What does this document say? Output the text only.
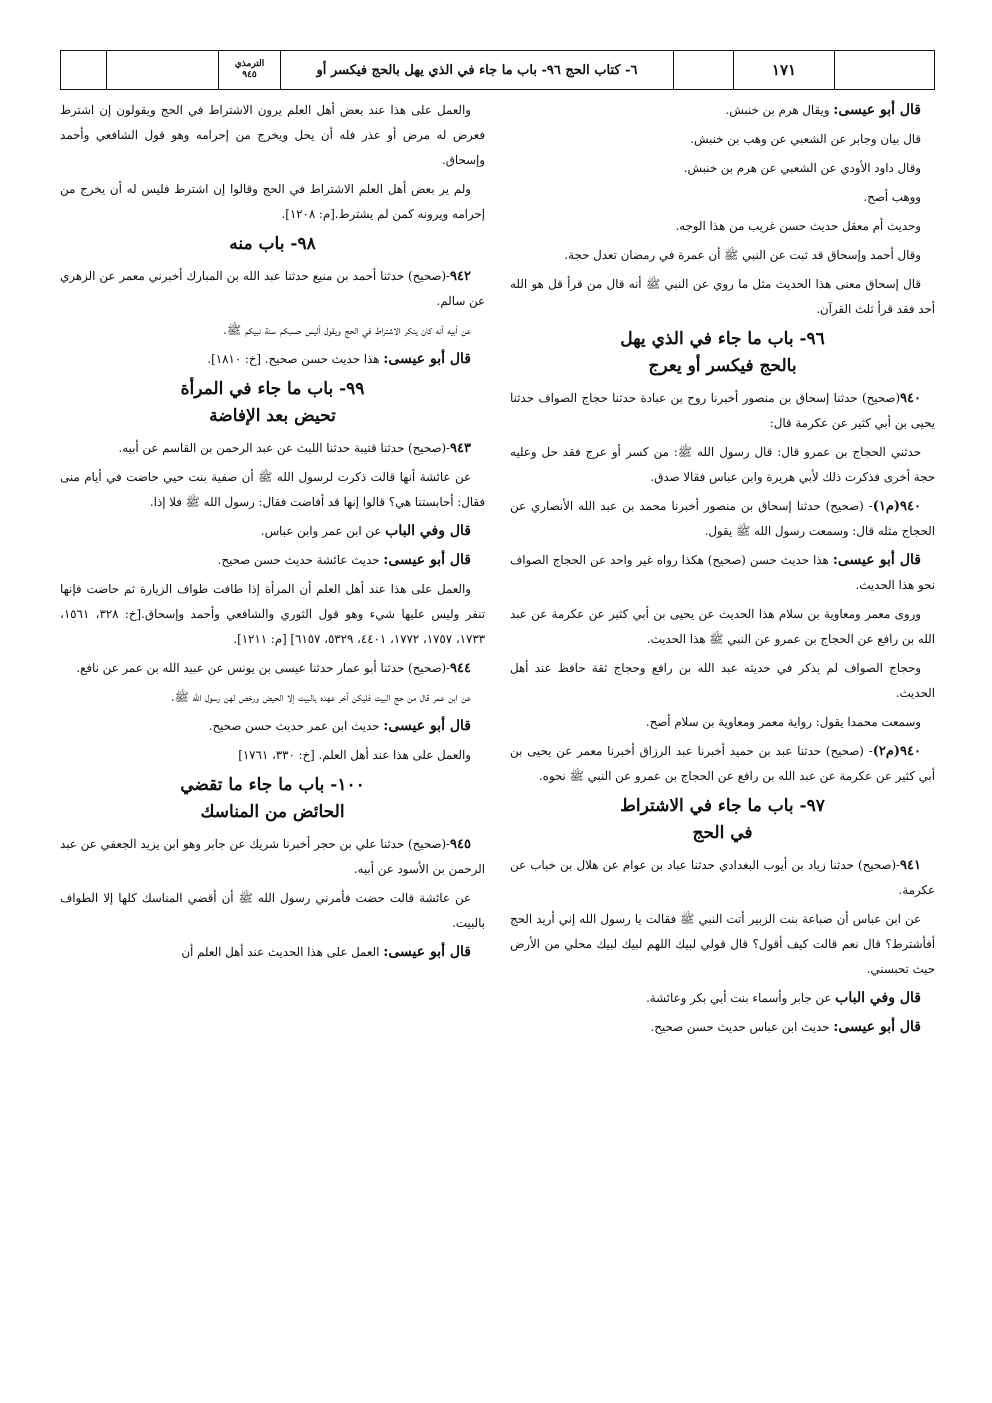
الترمذي
٩٤٥	٦- كتاب الحج ٩٦- باب ما جاء في الذي يهل بالحج فيكسر أو	١٧١

قال أبو عيسى: ويقال هرم بن خنبش.

قال بيان وجابر عن الشعبي عن وهب بن خنبش.

وقال داود الأودي عن الشعبي عن هرم بن خنبش.

ووهب أصح.

وحديث أم معقل حديث حسن غريب من هذا الوجه.

وقال أحمد وإسحاق قد ثبت عن النبي ﷺ أن عمرة في رمضان تعدل حجة.

قال إسحاق معنى هذا الحديث مثل ما روي عن النبي ﷺ أنه قال من قرأ قل هو الله أحد فقد قرأ ثلث القرآن.

٩٦- باب ما جاء في الذي يهل
بالحج فيكسر أو يعرج

٩٤٠(صحيح) حدثنا إسحاق بن منصور أخبرنا روح بن عبادة حدثنا حجاج الصواف حدثنا يحيى بن أبي كثير عن عكرمة قال:

حدثني الحجاج بن عمرو قال: قال رسول الله ﷺ: من كسر أو عرج فقد حل وعليه حجة أخرى فذكرت ذلك لأبي هريرة وابن عباس فقالا صدق.

٩٤٠(م١)- (صحيح) حدثنا إسحاق بن منصور أخبرنا محمد بن عبد الله الأنصاري عن الحجاج مثله قال: وسمعت رسول الله ﷺ يقول.

قال أبو عيسى: هذا حديث حسن (صحيح) هكذا رواه غير واحد عن الحجاج الصواف نحو هذا الحديث.

وروى معمر ومعاوية بن سلام هذا الحديث عن يحيى بن أبي كثير عن عكرمة عن عبد الله بن رافع عن الحجاج بن عمرو عن النبي ﷺ هذا الحديث.

وحجاج الصواف لم يذكر في حديثه عبد الله بن رافع وحجاج ثقة حافظ عند أهل الحديث.

وسمعت محمدا يقول: رواية معمر ومعاوية بن سلام أصح.

٩٤٠(م٢)- (صحيح) حدثنا عبد بن حميد أخبرنا عبد الرزاق أخبرنا معمر عن يحيى بن أبي كثير عن عكرمة عن عبد الله بن رافع عن الحجاج بن عمرو عن النبي ﷺ نحوه.

٩٧- باب ما جاء في الاشتراط
في الحج

٩٤١-(صحيح) حدثنا زياد بن أيوب البغدادي حدثنا عباد بن عوام عن هلال بن خباب عن عكرمة.

عن ابن عباس أن ضباعة بنت الزبير أتت النبي ﷺ فقالت يا رسول الله إني أريد الحج أفأشترط؟ قال نعم قالت كيف أقول؟ قال قولي لبيك اللهم لبيك لبيك محلي من الأرض حيث تحبسني.

قال وفي الباب عن جابر وأسماء بنت أبي بكر وعائشة.

قال أبو عيسى: حديث ابن عباس حديث حسن صحيح.

والعمل على هذا عند بعض أهل العلم يرون الاشتراط في الحج ويقولون إن اشترط فعرض له مرض أو عذر فله أن يحل ويخرج من إحرامه وهو قول الشافعي وأحمد وإسحاق.

ولم ير بعض أهل العلم الاشتراط في الحج وقالوا إن اشترط فليس له أن يخرج من إحرامه ويرونه كمن لم يشترط.[م: ١٢٠٨].

٩٨- باب منه

٩٤٢-(صحيح) حدثنا أحمد بن منيع حدثنا عبد الله بن المبارك أخبرني معمر عن الزهري عن سالم.

عن أبيه أنه كان ينكر الاشتراط في الحج ويقول أليس حسبكم سنة نبيكم ﷺ.

قال أبو عيسى: هذا حديث حسن صحيح. [خ: ١٨١٠].

٩٩- باب ما جاء في المرأة
تحيض بعد الإفاضة

٩٤٣-(صحيح) حدثنا قتيبة حدثنا الليث عن عبد الرحمن بن القاسم عن أبيه.

عن عائشة أنها قالت ذكرت لرسول الله ﷺ أن صفية بنت حيي حاضت في أيام منى فقال: أحابستنا هي؟ قالوا إنها قد أفاضت فقال: رسول الله ﷺ فلا إذا.

قال وفي الباب عن ابن عمر وابن عباس.

قال أبو عيسى: حديث عائشة حديث حسن صحيح.

والعمل على هذا عند أهل العلم أن المرأة إذا طافت طواف الزيارة ثم حاضت فإنها تنفر وليس عليها شيء وهو قول الثوري والشافعي وأحمد وإسحاق.[خ: ٣٢٨، ١٥٦١، ١٧٣٣، ١٧٥٧، ١٧٧٢، ٤٤٠١، ٥٣٢٩، ٦١٥٧] [م: ١٢١١].

٩٤٤-(صحيح) حدثنا أبو عمار حدثنا عيسى بن يونس عن عبيد الله بن عمر عن نافع.

عن ابن عمر قال من حج البيت فليكن آخر عهده بالبيت إلا الحيض ورخص لهن رسول الله ﷺ.

قال أبو عيسى: حديث ابن عمر حديث حسن صحيح.

والعمل على هذا عند أهل العلم. [خ: ٣٣٠، ١٧٦١]

١٠٠- باب ما جاء ما تقضي
الحائض من المناسك

٩٤٥-(صحيح) حدثنا علي بن حجر أخبرنا شريك عن جابر وهو ابن يزيد الجعفي عن عبد الرحمن بن الأسود عن أبيه.

عن عائشة قالت حضت فأمرني رسول الله ﷺ أن أقضي المناسك كلها إلا الطواف بالبيت.

قال أبو عيسى: العمل على هذا الحديث عند أهل العلم أن
